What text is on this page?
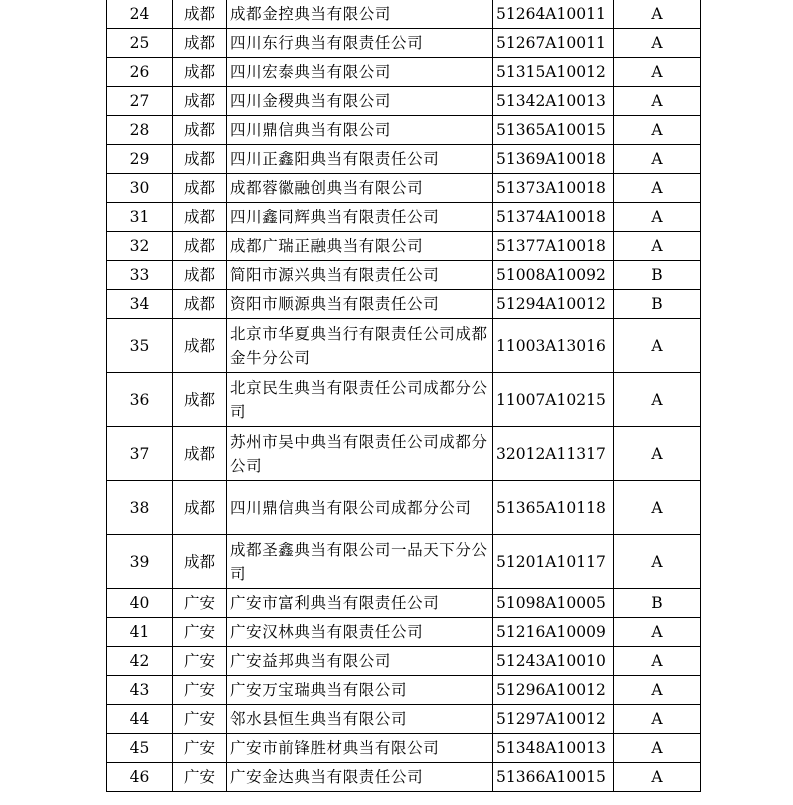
24	成都	成都金控典当有限公司	51264A10011	A
25	成都	四川东行典当有限责任公司	51267A10011	A
26	成都	四川宏泰典当有限公司	51315A10012	A
27	成都	四川金稷典当有限公司	51342A10013	A
28	成都	四川鼎信典当有限公司	51365A10015	A
29	成都	四川正鑫阳典当有限责任公司	51369A10018	A
30	成都	成都蓉徽融创典当有限公司	51373A10018	A
31	成都	四川鑫同辉典当有限责任公司	51374A10018	A
32	成都	成都广瑞正融典当有限公司	51377A10018	A
33	成都	简阳市源兴典当有限责任公司	51008A10092	B
34	成都	资阳市顺源典当有限责任公司	51294A10012	B
35	成都	北京市华夏典当行有限责任公司成都金牛分公司	11003A13016	A
36	成都	北京民生典当有限责任公司成都分公司	11007A10215	A
37	成都	苏州市吴中典当有限责任公司成都分公司	32012A11317	A
38	成都	四川鼎信典当有限公司成都分公司	51365A10118	A
39	成都	成都圣鑫典当有限公司一品天下分公司	51201A10117	A
40	广安	广安市富利典当有限责任公司	51098A10005	B
41	广安	广安汉林典当有限责任公司	51216A10009	A
42	广安	广安益邦典当有限公司	51243A10010	A
43	广安	广安万宝瑞典当有限公司	51296A10012	A
44	广安	邻水县恒生典当有限公司	51297A10012	A
45	广安	广安市前锋胜材典当有限公司	51348A10013	A
46	广安	广安金达典当有限责任公司	51366A10015	A
